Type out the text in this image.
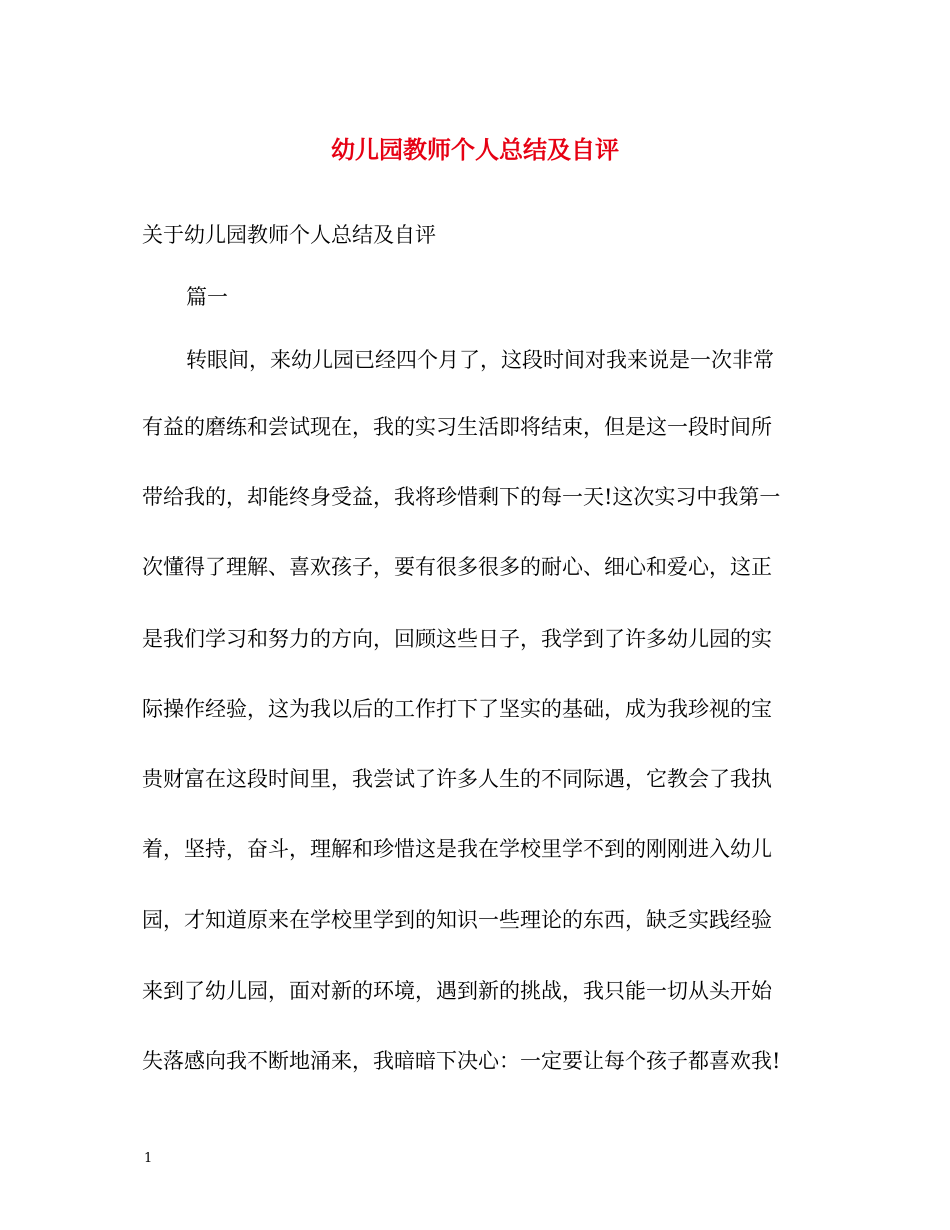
幼儿园教师个人总结及自评
关于幼儿园教师个人总结及自评
篇一
转眼间，来幼儿园已经四个月了，这段时间对我来说是一次非常
有益的磨练和尝试现在，我的实习生活即将结束，但是这一段时间所
带给我的，却能终身受益，我将珍惜剩下的每一天!这次实习中我第一
次懂得了理解、喜欢孩子，要有很多很多的耐心、细心和爱心，这正
是我们学习和努力的方向，回顾这些日子，我学到了许多幼儿园的实
际操作经验，这为我以后的工作打下了坚实的基础，成为我珍视的宝
贵财富在这段时间里，我尝试了许多人生的不同际遇，它教会了我执
着，坚持，奋斗，理解和珍惜这是我在学校里学不到的刚刚进入幼儿
园，才知道原来在学校里学到的知识一些理论的东西，缺乏实践经验
来到了幼儿园，面对新的环境，遇到新的挑战，我只能一切从头开始
失落感向我不断地涌来，我暗暗下决心：一定要让每个孩子都喜欢我!
1
